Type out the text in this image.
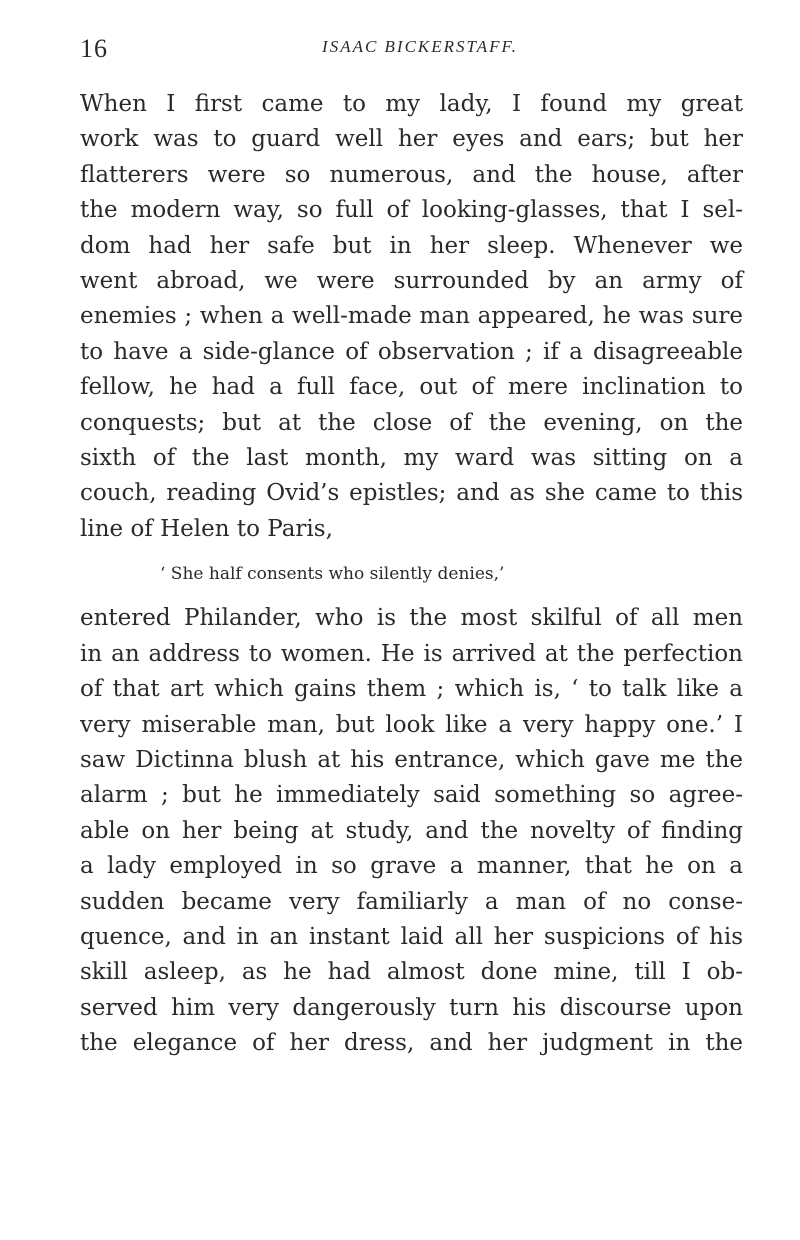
16	ISAAC BICKERSTAFF.

When I first came to my lady, I found my great
work was to guard well her eyes and ears; but her
flatterers were so numerous, and the house, after
the modern way, so full of looking-glasses, that I sel-
dom had her safe but in her sleep. Whenever we
went abroad, we were surrounded by an army of
enemies ; when a well-made man appeared, he was sure
to have a side-glance of observation ; if a disagreeable
fellow, he had a full face, out of mere inclination to
conquests; but at the close of the evening, on the
sixth of the last month, my ward was sitting on a
couch, reading Ovid’s epistles; and as she came to this
line of Helen to Paris,

‘ She half consents who silently denies,’

entered Philander, who is the most skilful of all men
in an address to women. He is arrived at the perfection
of that art which gains them ; which is, ‘ to talk like a
very miserable man, but look like a very happy one.’ I
saw Dictinna blush at his entrance, which gave me the
alarm ; but he immediately said something so agree-
able on her being at study, and the novelty of finding
a lady employed in so grave a manner, that he on a
sudden became very familiarly a man of no conse-
quence, and in an instant laid all her suspicions of his
skill asleep, as he had almost done mine, till I ob-
served him very dangerously turn his discourse upon
the elegance of her dress, and her judgment in the
